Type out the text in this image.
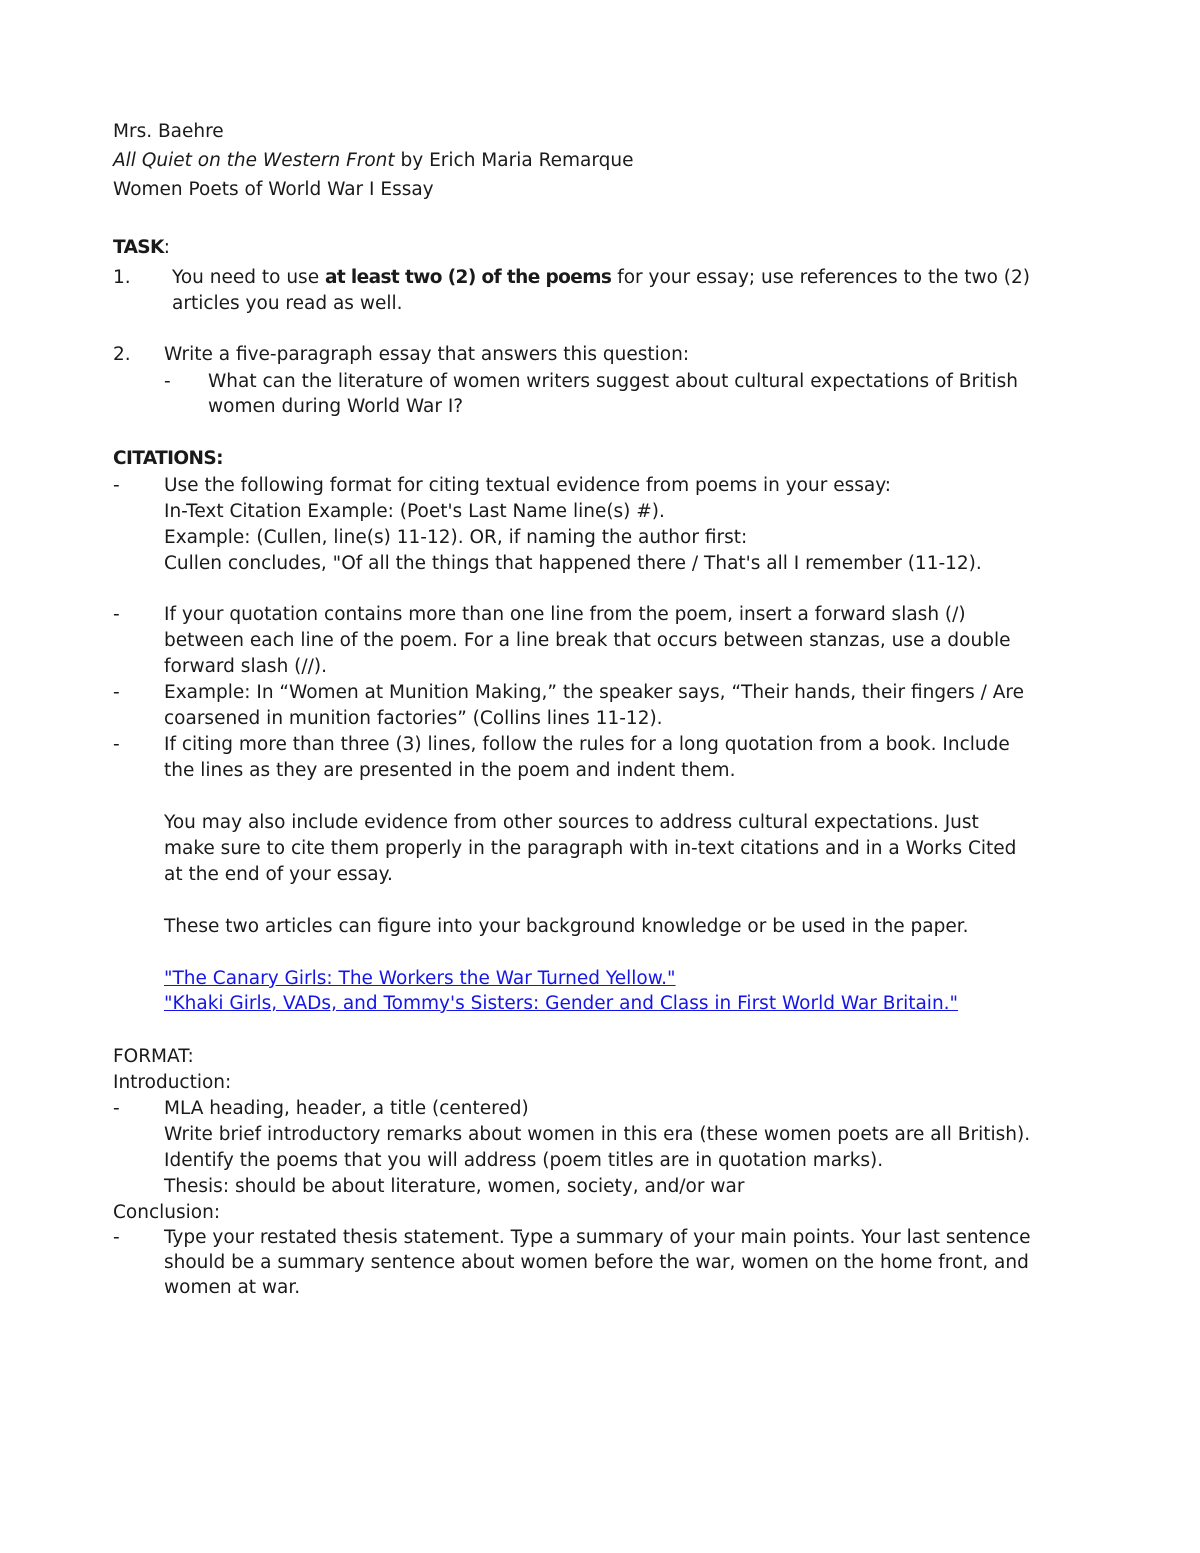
Mrs. Baehre
All Quiet on the Western Front by Erich Maria Remarque
Women Poets of World War I Essay
TASK:
1. You need to use at least two (2) of the poems for your essay; use references to the two (2)
articles you read as well.
2. Write a five-paragraph essay that answers this question:
- What can the literature of women writers suggest about cultural expectations of British
women during World War I?
CITATIONS:
- Use the following format for citing textual evidence from poems in your essay:
In-Text Citation Example: (Poet's Last Name line(s) #).
Example: (Cullen, line(s) 11-12). OR, if naming the author first:
Cullen concludes, "Of all the things that happened there / That's all I remember (11-12).
- If your quotation contains more than one line from the poem, insert a forward slash (/)
between each line of the poem. For a line break that occurs between stanzas, use a double
forward slash (//).
- Example: In “Women at Munition Making,” the speaker says, “Their hands, their fingers / Are
coarsened in munition factories” (Collins lines 11-12).
- If citing more than three (3) lines, follow the rules for a long quotation from a book. Include
the lines as they are presented in the poem and indent them.
You may also include evidence from other sources to address cultural expectations. Just
make sure to cite them properly in the paragraph with in-text citations and in a Works Cited
at the end of your essay.
These two articles can figure into your background knowledge or be used in the paper.
"The Canary Girls: The Workers the War Turned Yellow."
"Khaki Girls, VADs, and Tommy's Sisters: Gender and Class in First World War Britain."
FORMAT:
Introduction:
- MLA heading, header, a title (centered)
Write brief introductory remarks about women in this era (these women poets are all British).
Identify the poems that you will address (poem titles are in quotation marks).
Thesis: should be about literature, women, society, and/or war
Conclusion:
- Type your restated thesis statement. Type a summary of your main points. Your last sentence
should be a summary sentence about women before the war, women on the home front, and
women at war.
